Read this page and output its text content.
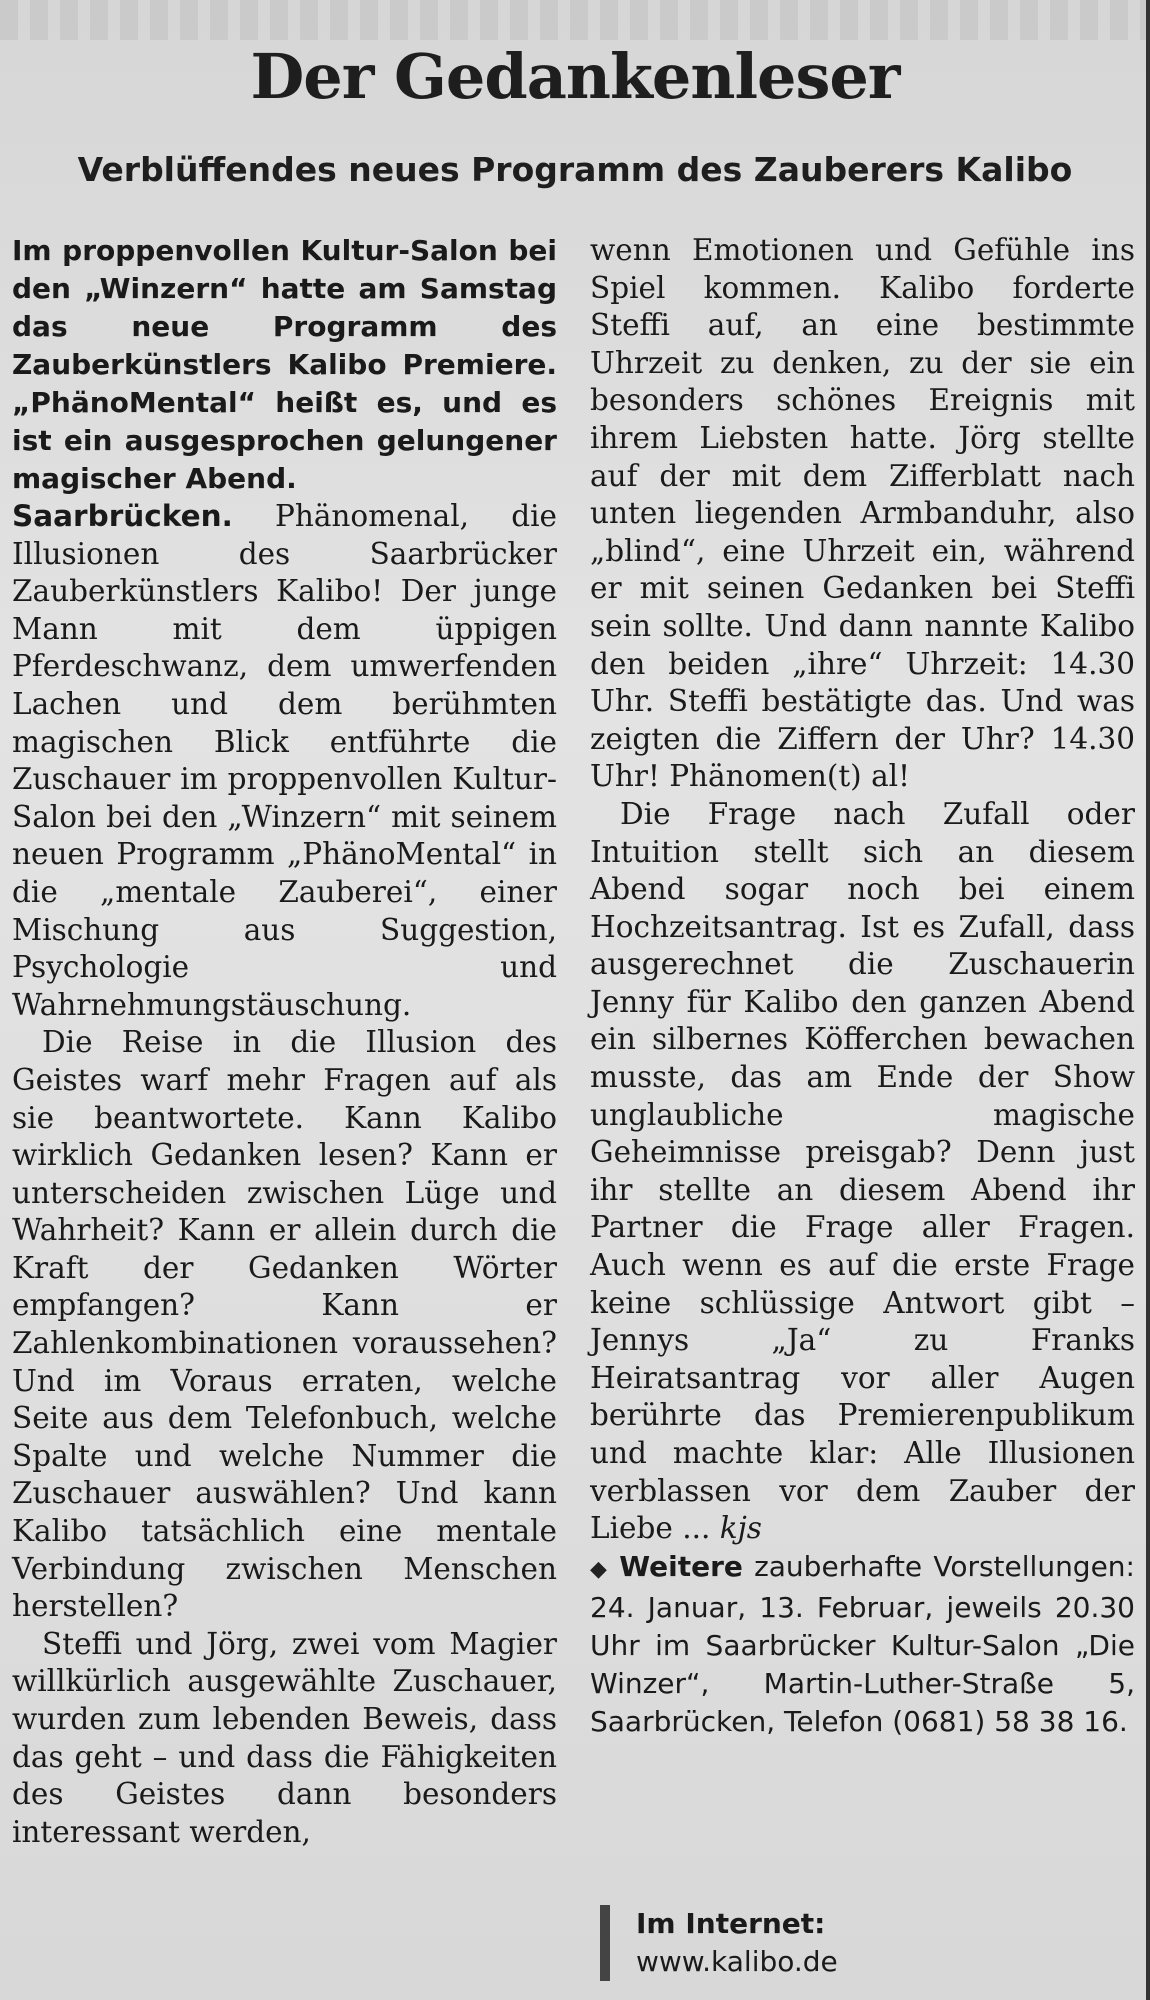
Der Gedankenleser
Verblüffendes neues Programm des Zauberers Kalibo

Im proppenvollen Kultur-Salon bei den „Winzern“ hatte am Samstag das neue Programm des Zauberkünstlers Kalibo Premiere. „PhänoMental“ heißt es, und es ist ein ausgesprochen gelungener magischer Abend.

Saarbrücken. Phänomenal, die Illusionen des Saarbrücker Zauberkünstlers Kalibo! Der junge Mann mit dem üppigen Pferdeschwanz, dem umwerfenden Lachen und dem berühmten magischen Blick entführte die Zuschauer im proppenvollen Kultur-Salon bei den „Winzern“ mit seinem neuen Programm „PhänoMental“ in die „mentale Zauberei“, einer Mischung aus Suggestion, Psychologie und Wahrnehmungstäuschung.

Die Reise in die Illusion des Geistes warf mehr Fragen auf als sie beantwortete. Kann Kalibo wirklich Gedanken lesen? Kann er unterscheiden zwischen Lüge und Wahrheit? Kann er allein durch die Kraft der Gedanken Wörter empfangen? Kann er Zahlenkombinationen voraussehen? Und im Voraus erraten, welche Seite aus dem Telefonbuch, welche Spalte und welche Nummer die Zuschauer auswählen? Und kann Kalibo tatsächlich eine mentale Verbindung zwischen Menschen herstellen?

Steffi und Jörg, zwei vom Magier willkürlich ausgewählte Zuschauer, wurden zum lebenden Beweis, dass das geht – und dass die Fähigkeiten des Geistes dann besonders interessant werden,

wenn Emotionen und Gefühle ins Spiel kommen. Kalibo forderte Steffi auf, an eine bestimmte Uhrzeit zu denken, zu der sie ein besonders schönes Ereignis mit ihrem Liebsten hatte. Jörg stellte auf der mit dem Zifferblatt nach unten liegenden Armbanduhr, also „blind“, eine Uhrzeit ein, während er mit seinen Gedanken bei Steffi sein sollte. Und dann nannte Kalibo den beiden „ihre“ Uhrzeit: 14.30 Uhr. Steffi bestätigte das. Und was zeigten die Ziffern der Uhr? 14.30 Uhr! Phänomen(t) al!

Die Frage nach Zufall oder Intuition stellt sich an diesem Abend sogar noch bei einem Hochzeitsantrag. Ist es Zufall, dass ausgerechnet die Zuschauerin Jenny für Kalibo den ganzen Abend ein silbernes Köfferchen bewachen musste, das am Ende der Show unglaubliche magische Geheimnisse preisgab? Denn just ihr stellte an diesem Abend ihr Partner die Frage aller Fragen. Auch wenn es auf die erste Frage keine schlüssige Antwort gibt – Jennys „Ja“ zu Franks Heiratsantrag vor aller Augen berührte das Premierenpublikum und machte klar: Alle Illusionen verblassen vor dem Zauber der Liebe ... kjs

◆ Weitere zauberhafte Vorstellungen: 24. Januar, 13. Februar, jeweils 20.30 Uhr im Saarbrücker Kultur-Salon „Die Winzer“, Martin-Luther-Straße 5, Saarbrücken, Telefon (0681) 58 38 16.

Im Internet:
www.kalibo.de
